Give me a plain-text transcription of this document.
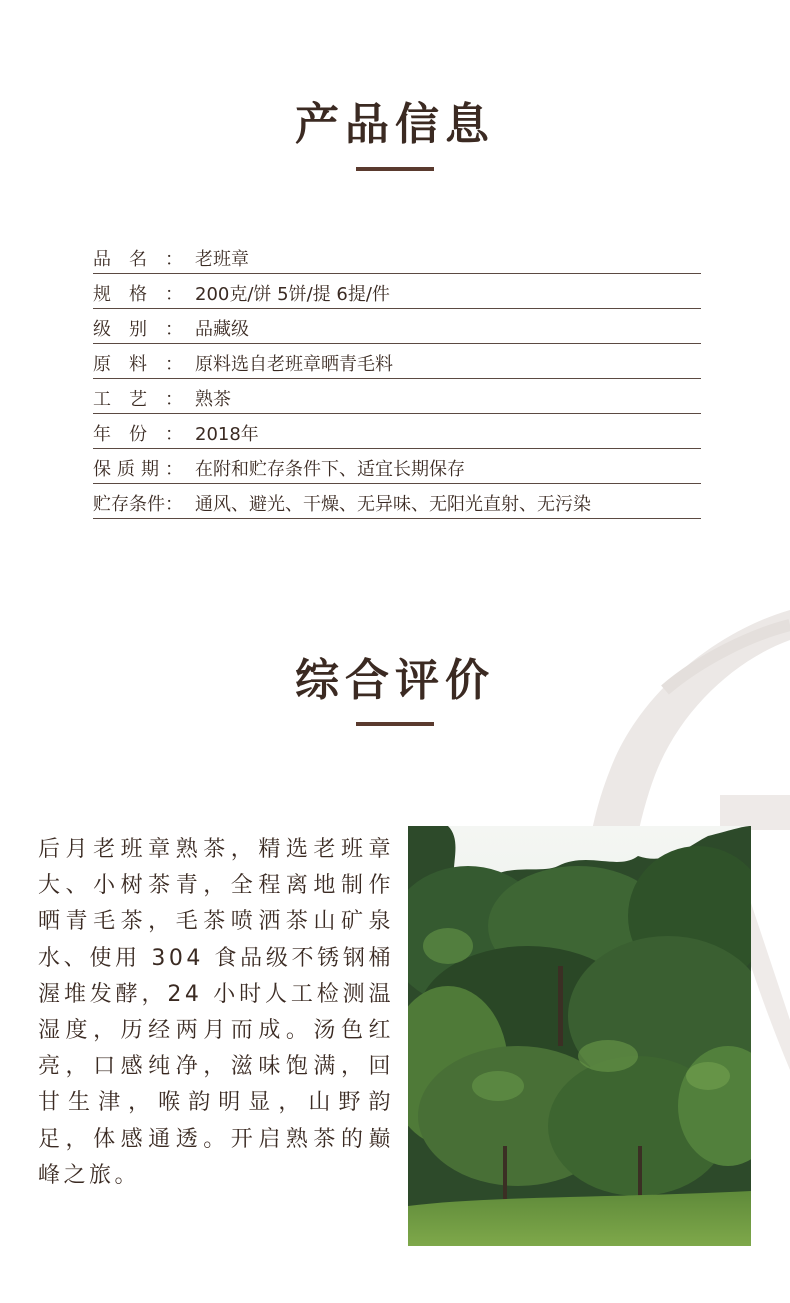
产品信息
品 名 ： 老班章
规 格 ： 200克/饼 5饼/提 6提/件
级 别 ： 品藏级
原 料 ： 原料选自老班章晒青毛料
工 艺 ： 熟茶
年 份 ： 2018年
保 质 期 ： 在附和贮存条件下、适宜长期保存
贮 存 条 件 ： 通风、避光、干燥、无异味、无阳光直射、无污染
综合评价
后月老班章熟茶，精选老班章大、小树茶青，全程离地制作晒青毛茶，毛茶喷洒茶山矿泉水、使用 304 食品级不锈钢桶渥堆发酵，24 小时人工检测温湿度，历经两月而成。汤色红亮，口感纯净，滋味饱满，回甘生津，喉韵明显，山野韵足，体感通透。开启熟茶的巅峰之旅。
